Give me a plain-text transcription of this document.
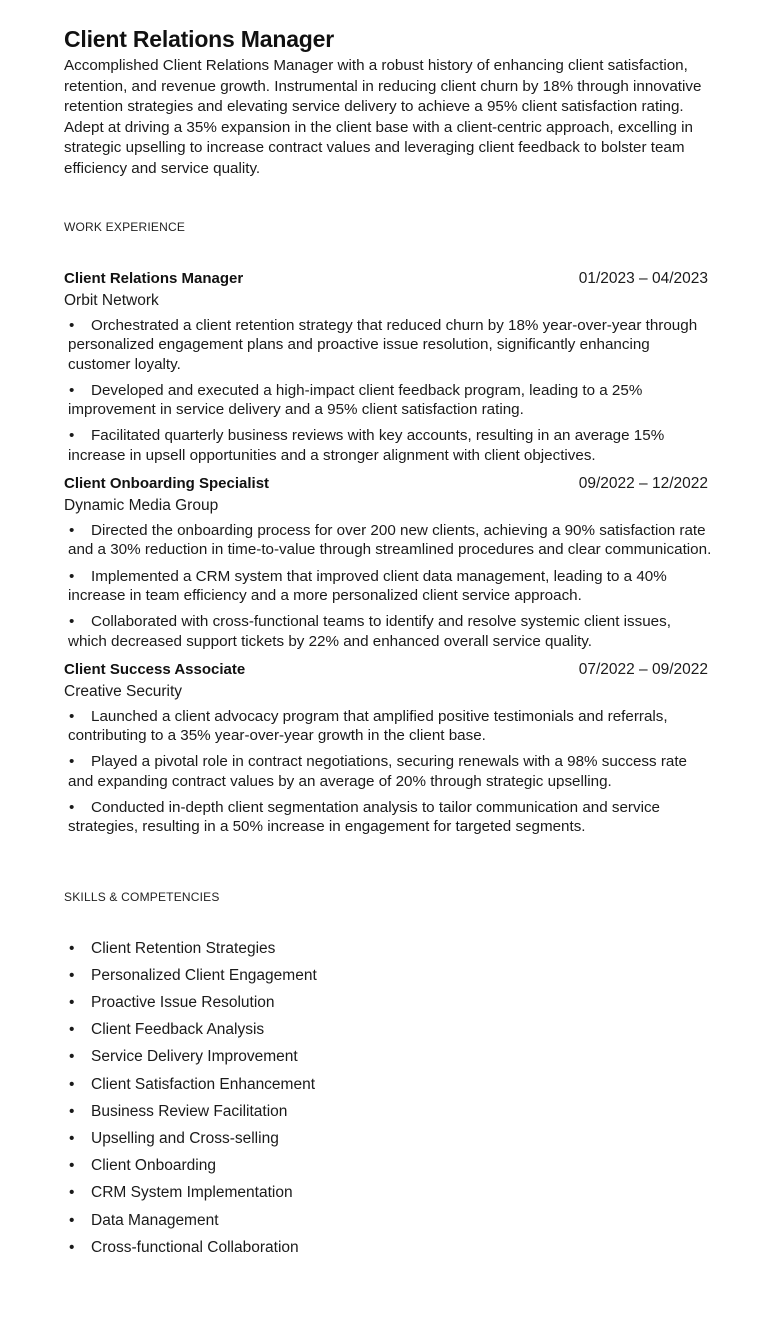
Client Relations Manager

Accomplished Client Relations Manager with a robust history of enhancing client satisfaction, retention, and revenue growth. Instrumental in reducing client churn by 18% through innovative retention strategies and elevating service delivery to achieve a 95% client satisfaction rating. Adept at driving a 35% expansion in the client base with a client-centric approach, excelling in strategic upselling to increase contract values and leveraging client feedback to bolster team efficiency and service quality.

WORK EXPERIENCE
Client Relations Manager	01/2023 – 04/2023
Orbit Network
• Orchestrated a client retention strategy that reduced churn by 18% year-over-year through personalized engagement plans and proactive issue resolution, significantly enhancing customer loyalty.
• Developed and executed a high-impact client feedback program, leading to a 25% improvement in service delivery and a 95% client satisfaction rating.
• Facilitated quarterly business reviews with key accounts, resulting in an average 15% increase in upsell opportunities and a stronger alignment with client objectives.
Client Onboarding Specialist	09/2022 – 12/2022
Dynamic Media Group
• Directed the onboarding process for over 200 new clients, achieving a 90% satisfaction rate and a 30% reduction in time-to-value through streamlined procedures and clear communication.
• Implemented a CRM system that improved client data management, leading to a 40% increase in team efficiency and a more personalized client service approach.
• Collaborated with cross-functional teams to identify and resolve systemic client issues, which decreased support tickets by 22% and enhanced overall service quality.
Client Success Associate	07/2022 – 09/2022
Creative Security
• Launched a client advocacy program that amplified positive testimonials and referrals, contributing to a 35% year-over-year growth in the client base.
• Played a pivotal role in contract negotiations, securing renewals with a 98% success rate and expanding contract values by an average of 20% through strategic upselling.
• Conducted in-depth client segmentation analysis to tailor communication and service strategies, resulting in a 50% increase in engagement for targeted segments.
SKILLS & COMPETENCIES
• Client Retention Strategies
• Personalized Client Engagement
• Proactive Issue Resolution
• Client Feedback Analysis
• Service Delivery Improvement
• Client Satisfaction Enhancement
• Business Review Facilitation
• Upselling and Cross-selling
• Client Onboarding
• CRM System Implementation
• Data Management
• Cross-functional Collaboration
